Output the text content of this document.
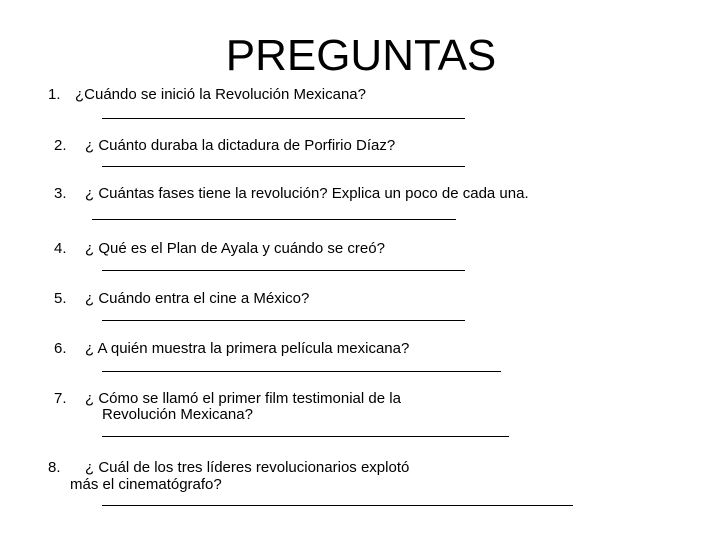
PREGUNTAS
1. ¿Cuándo se inició la Revolución Mexicana?
2. ¿ Cuánto duraba la dictadura de Porfirio Díaz?
3. ¿ Cuántas fases tiene la revolución? Explica un poco de cada una.
4. ¿ Qué es el Plan de Ayala y cuándo se creó?
5. ¿ Cuándo entra el cine a México?
6. ¿ A quién muestra la primera película mexicana?
7. ¿ Cómo se llamó el primer film testimonial de la
Revolución Mexicana?
8. ¿ Cuál de los tres líderes revolucionarios explotó
más el cinematógrafo?
